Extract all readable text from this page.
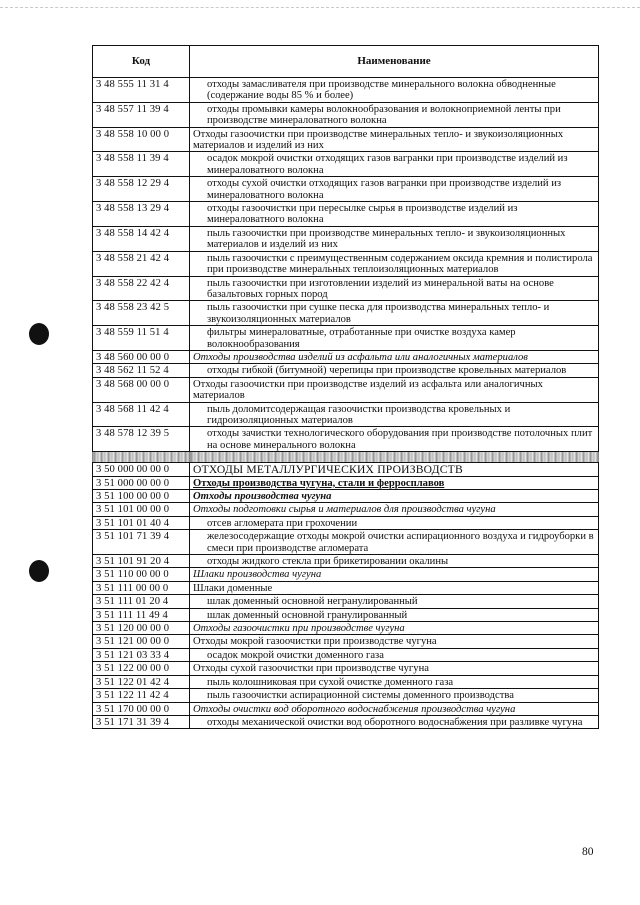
Код	Наименование
3 48 555 11 31 4	отходы замасливателя при производстве минерального волокна обводненные (содержание воды 85 % и более)

3 48 557 11 39 4	отходы промывки камеры волокнообразования и волокноприемной ленты при производстве минераловатного волокна

3 48 558 10 00 0	Отходы газоочистки при производстве минеральных тепло- и звукоизоляционных материалов и изделий из них

3 48 558 11 39 4	осадок мокрой очистки отходящих газов вагранки при производстве изделий из минераловатного волокна

3 48 558 12 29 4	отходы сухой очистки отходящих газов вагранки при производстве изделий из минераловатного волокна

3 48 558 13 29 4	отходы газоочистки при пересылке сырья в производстве изделий из минераловатного волокна

3 48 558 14 42 4	пыль газоочистки при производстве минеральных тепло- и звукоизоляционных материалов и изделий из них

3 48 558 21 42 4	пыль газоочистки с преимущественным содержанием оксида кремния и полистирола при производстве минеральных теплоизоляционных материалов

3 48 558 22 42 4	пыль газоочистки при изготовлении изделий из минеральной ваты на основе базальтовых горных пород

3 48 558 23 42 5	пыль газоочистки при сушке песка для производства минеральных тепло- и звукоизоляционных материалов

3 48 559 11 51 4	фильтры минераловатные, отработанные при очистке воздуха камер волокнообразования

3 48 560 00 00 0	Отходы производства изделий из асфальта или аналогичных материалов

3 48 562 11 52 4	отходы гибкой (битумной) черепицы при производстве кровельных материалов

3 48 568 00 00 0	Отходы газоочистки при производстве изделий из асфальта или аналогичных материалов

3 48 568 11 42 4	пыль доломитсодержащая газоочистки производства кровельных и гидроизоляционных материалов

3 48 578 12 39 5	отходы зачистки технологического оборудования при производстве потолочных плит на основе минерального волокна

3 50 000 00 00 0	ОТХОДЫ МЕТАЛЛУРГИЧЕСКИХ ПРОИЗВОДСТВ

3 51 000 00 00 0	Отходы производства чугуна, стали и ферросплавов

3 51 100 00 00 0	Отходы производства чугуна

3 51 101 00 00 0	Отходы подготовки сырья и материалов для производства чугуна

3 51 101 01 40 4	отсев агломерата при грохочении

3 51 101 71 39 4	железосодержащие отходы мокрой очистки аспирационного воздуха и гидроуборки в смеси при производстве агломерата

3 51 101 91 20 4	отходы жидкого стекла при брикетировании окалины

3 51 110 00 00 0	Шлаки производства чугуна

3 51 111 00 00 0	Шлаки доменные

3 51 111 01 20 4	шлак доменный основной негранулированный

3 51 111 11 49 4	шлак доменный основной гранулированный

3 51 120 00 00 0	Отходы газоочистки при производстве чугуна

3 51 121 00 00 0	Отходы мокрой газоочистки при производстве чугуна

3 51 121 03 33 4	осадок мокрой очистки доменного газа

3 51 122 00 00 0	Отходы сухой газоочистки при производстве чугуна

3 51 122 01 42 4	пыль колошниковая при сухой очистке доменного газа

3 51 122 11 42 4	пыль газоочистки аспирационной системы доменного производства

3 51 170 00 00 0	Отходы очистки вод оборотного водоснабжения производства чугуна

3 51 171 31 39 4	отходы механической очистки вод оборотного водоснабжения при разливке чугуна
80
